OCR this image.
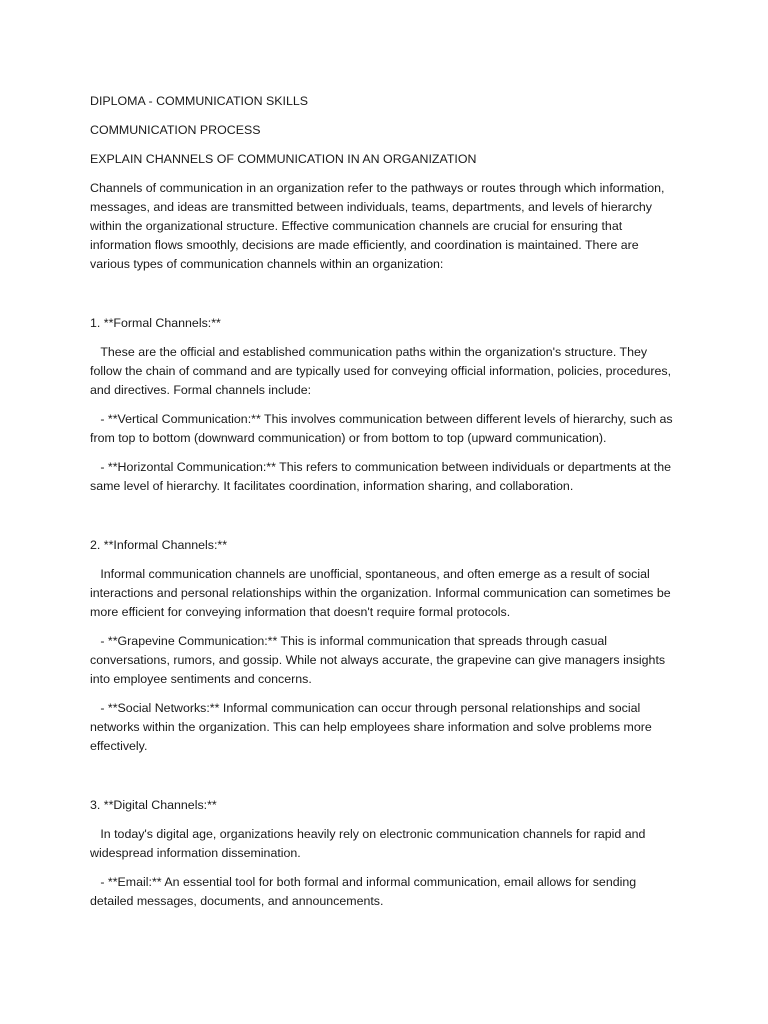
DIPLOMA - COMMUNICATION SKILLS

COMMUNICATION PROCESS

EXPLAIN CHANNELS OF COMMUNICATION IN AN ORGANIZATION

Channels of communication in an organization refer to the pathways or routes through which information, messages, and ideas are transmitted between individuals, teams, departments, and levels of hierarchy within the organizational structure. Effective communication channels are crucial for ensuring that information flows smoothly, decisions are made efficiently, and coordination is maintained. There are various types of communication channels within an organization:

1. **Formal Channels:**

These are the official and established communication paths within the organization's structure. They follow the chain of command and are typically used for conveying official information, policies, procedures, and directives. Formal channels include:

- **Vertical Communication:** This involves communication between different levels of hierarchy, such as from top to bottom (downward communication) or from bottom to top (upward communication).

- **Horizontal Communication:** This refers to communication between individuals or departments at the same level of hierarchy. It facilitates coordination, information sharing, and collaboration.

2. **Informal Channels:**

Informal communication channels are unofficial, spontaneous, and often emerge as a result of social interactions and personal relationships within the organization. Informal communication can sometimes be more efficient for conveying information that doesn't require formal protocols.

- **Grapevine Communication:** This is informal communication that spreads through casual conversations, rumors, and gossip. While not always accurate, the grapevine can give managers insights into employee sentiments and concerns.

- **Social Networks:** Informal communication can occur through personal relationships and social networks within the organization. This can help employees share information and solve problems more effectively.

3. **Digital Channels:**

In today's digital age, organizations heavily rely on electronic communication channels for rapid and widespread information dissemination.

- **Email:** An essential tool for both formal and informal communication, email allows for sending detailed messages, documents, and announcements.
